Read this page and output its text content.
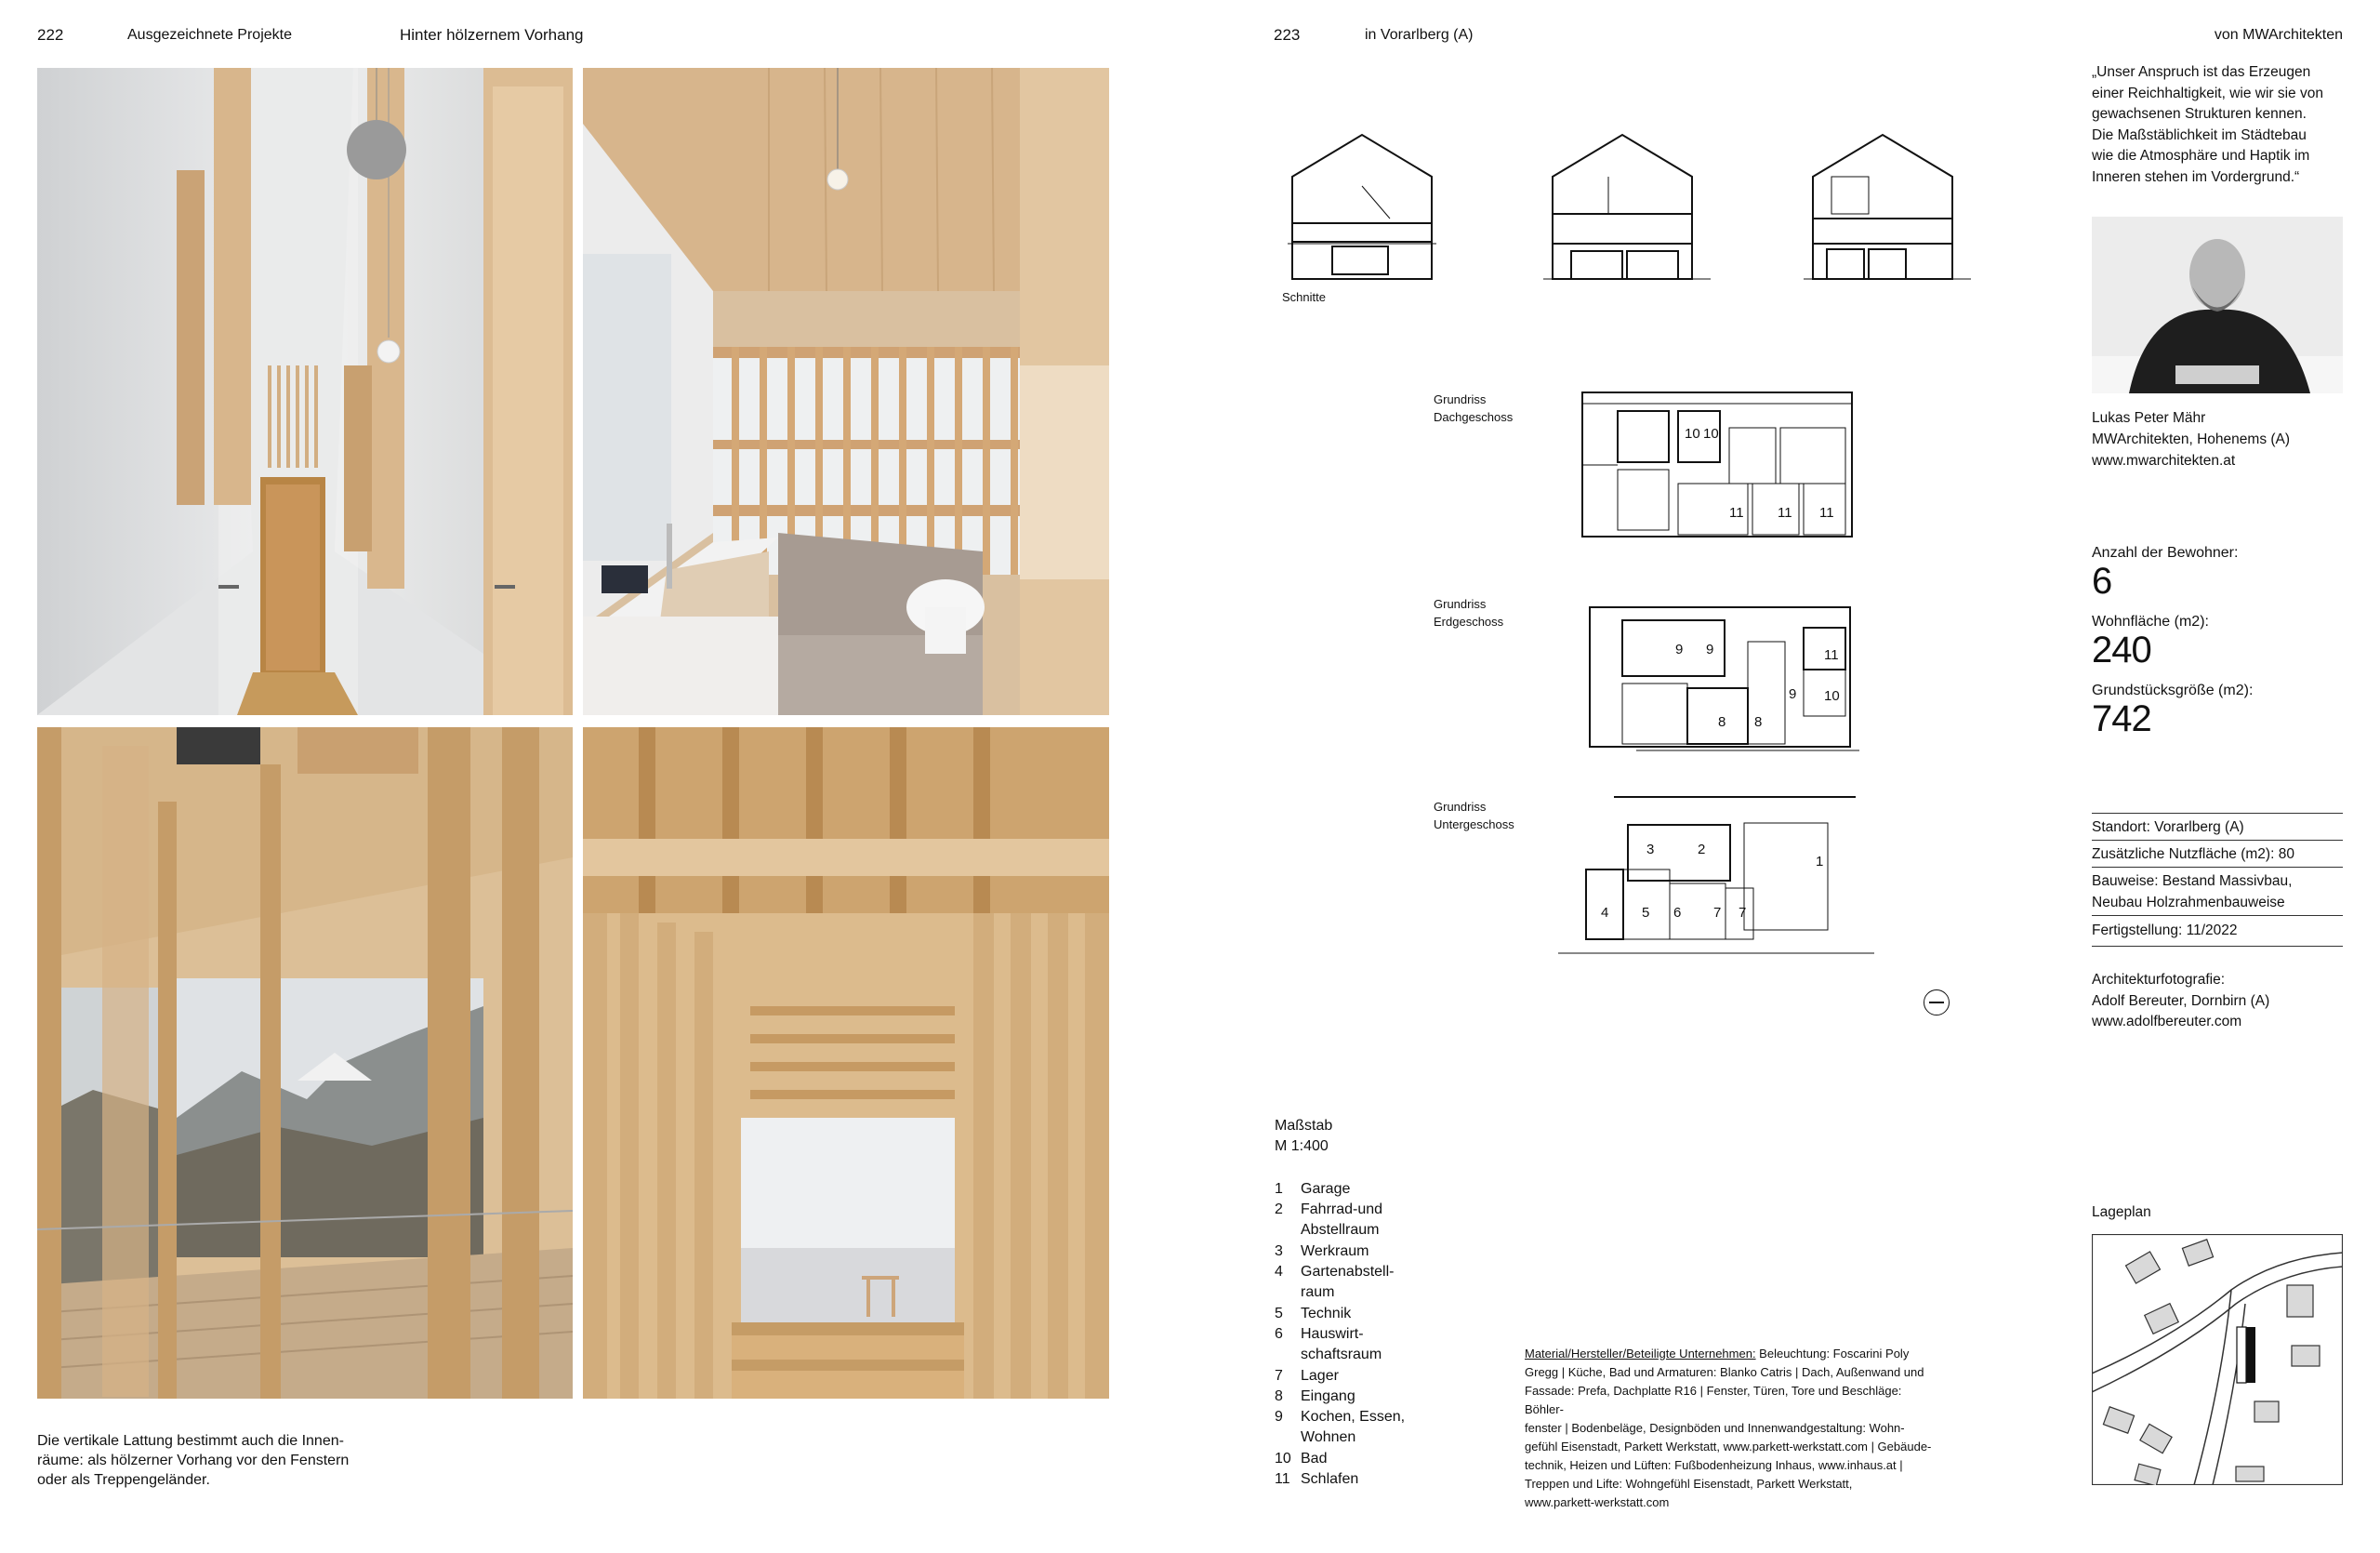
222	Ausgezeichnete Projekte	Hinter hölzernem Vorhang
Die vertikale Lattung bestimmt auch die Innen-
räume: als hölzerner Vorhang vor den Fenstern
oder als Treppengeländer.
223	in Vorarlberg (A)	von MWArchitekten
Schnitte
Grundriss
Dachgeschoss
10 10
11 11 11
Grundriss
Erdgeschoss
9 9
8 8
9
11
10
Grundriss
Untergeschoss
3	2
4 5 6 7 7
1
Maßstab
M 1:400
1 Garage
2 Fahrrad-und
Abstellraum
3 Werkraum
4 Gartenabstell-
raum
5 Technik
6 Hauswirt-
schaftsraum
7 Lager
8 Eingang
9 Kochen, Essen,
Wohnen
10 Bad
11 Schlafen
Material/Hersteller/Beteiligte Unternehmen: Beleuchtung: Foscarini Poly
Gregg | Küche, Bad und Armaturen: Blanko Catris | Dach, Außenwand und
Fassade: Prefa, Dachplatte R16 | Fenster, Türen, Tore und Beschläge: Böhler-
fenster | Bodenbeläge, Designböden und Innenwandgestaltung: Wohn-
gefühl Eisenstadt, Parkett Werkstatt, www.parkett-werkstatt.com | Gebäude-
technik, Heizen und Lüften: Fußbodenheizung Inhaus, www.inhaus.at |
Treppen und Lifte: Wohngefühl Eisenstadt, Parkett Werkstatt,
www.parkett-werkstatt.com
„Unser Anspruch ist das Erzeugen
einer Reichhaltigkeit, wie wir sie von
gewachsenen Strukturen kennen.
Die Maßstäblichkeit im Städtebau
wie die Atmosphäre und Haptik im
Inneren stehen im Vordergrund.“
Lukas Peter Mähr
MWArchitekten, Hohenems (A)
www.mwarchitekten.at
Anzahl der Bewohner:
6
Wohnfläche (m2):
240
Grundstücksgröße (m2):
742
Standort: Vorarlberg (A)
Zusätzliche Nutzfläche (m2): 80
Bauweise: Bestand Massivbau,
Neubau Holzrahmenbauweise
Fertigstellung: 11/2022
Architekturfotografie:
Adolf Bereuter, Dornbirn (A)
www.adolfbereuter.com
Lageplan
